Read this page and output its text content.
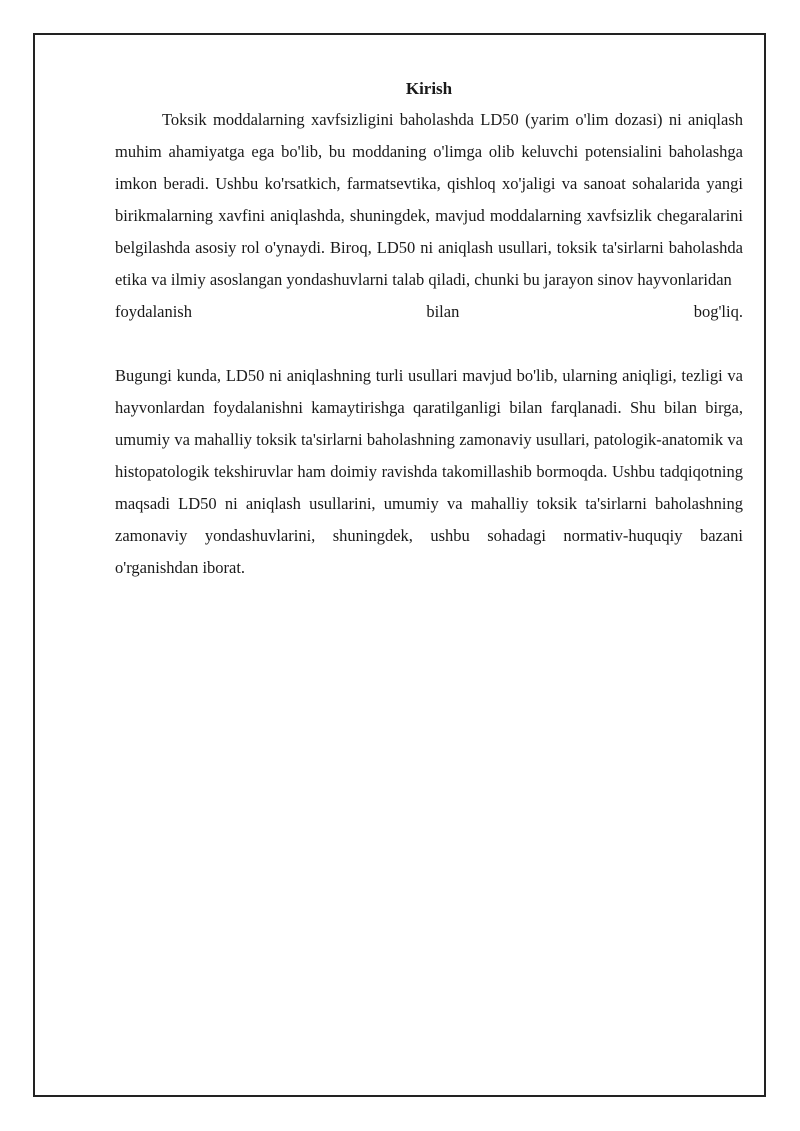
Kirish

Toksik moddalarning xavfsizligini baholashda LD50 (yarim o'lim dozasi) ni aniqlash muhim ahamiyatga ega bo'lib, bu moddaning o'limga olib keluvchi potensialini baholashga imkon beradi. Ushbu ko'rsatkich, farmatsevtika, qishloq xo'jaligi va sanoat sohalarida yangi birikmalarning xavfini aniqlashda, shuningdek, mavjud moddalarning xavfsizlik chegaralarini belgilashda asosiy rol o'ynaydi. Biroq, LD50 ni aniqlash usullari, toksik ta'sirlarni baholashda etika va ilmiy asoslangan yondashuvlarni talab qiladi, chunki bu jarayon sinov hayvonlaridan

foydalanish	bilan	bog'liq.

Bugungi kunda, LD50 ni aniqlashning turli usullari mavjud bo'lib, ularning aniqligi, tezligi va hayvonlardan foydalanishni kamaytirishga qaratilganligi bilan farqlanadi. Shu bilan birga, umumiy va mahalliy toksik ta'sirlarni baholashning zamonaviy usullari, patologik-anatomik va histopatologik tekshiruvlar ham doimiy ravishda takomillashib bormoqda. Ushbu tadqiqotning maqsadi LD50 ni aniqlash usullarini, umumiy va mahalliy toksik ta'sirlarni baholashning zamonaviy yondashuvlarini, shuningdek, ushbu sohadagi normativ-huquqiy bazani o'rganishdan iborat.
